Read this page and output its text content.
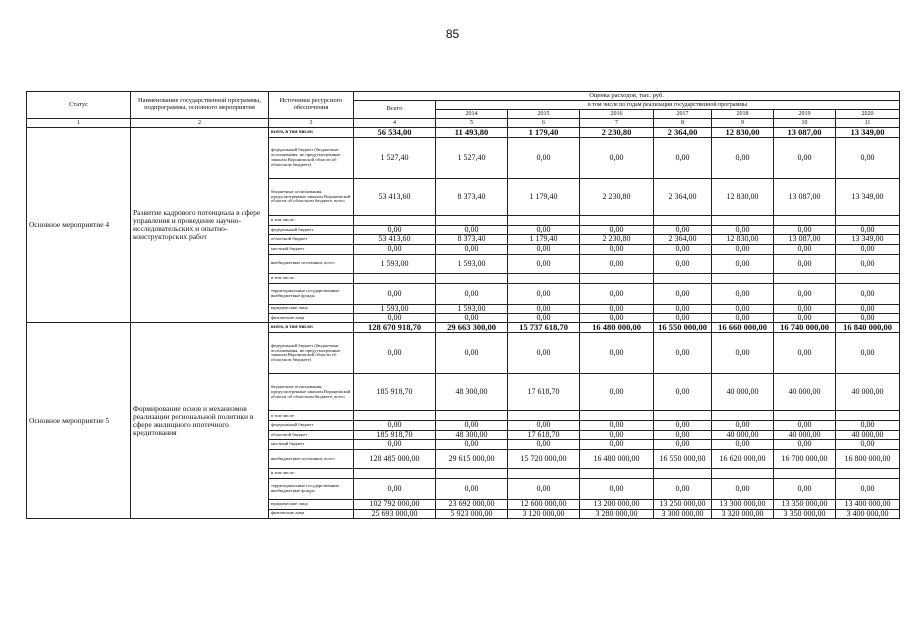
85
Статус	Наименование государственной программы, подпрограммы, основного мероприятия	Источники ресурсного обеспечения	Оценка расходов, тыс. руб.							
			Всего	в том числе по годам реализации государственной программы						
				2014	2015	2016	2017	2018	2019	2020
1	2	3	4	5	6	7	8	9	10	11
Основное мероприятие 4	Развитие кадрового потенциала в сфере управления и проведение научно-исследовательских и опытно-конструкторских работ	всего, в том числе:	56 534,00	11 493,80	1 179,40	2 230,80	2 364,00	12 830,00	13 087,00	13 349,00
		федеральный бюджет (бюджетные ассигнования, не предусмотренные законом Воронежской области об областном бюджете)	1 527,40	1 527,40	0,00	0,00	0,00	0,00	0,00	0,00
		бюджетные ассигнования, предусмотренные законом Воронежской области об областном бюджете, всего	53 413,60	8 373,40	1 179,40	2 230,80	2 364,00	12 830,00	13 087,00	13 349,00
		в том числе:								
		федеральный бюджет	0,00	0,00	0,00	0,00	0,00	0,00	0,00	0,00
		областной бюджет	53 413,60	8 373,40	1 179,40	2 230,80	2 364,00	12 830,00	13 087,00	13 349,00
		местный бюджет	0,00	0,00	0,00	0,00	0,00	0,00	0,00	0,00
		внебюджетные источники, всего	1 593,00	1 593,00	0,00	0,00	0,00	0,00	0,00	0,00
		в том числе:								
		территориальные государственные внебюджетные фонды	0,00	0,00	0,00	0,00	0,00	0,00	0,00	0,00
		юридические лица	1 593,00	1 593,00	0,00	0,00	0,00	0,00	0,00	0,00
		физические лица	0,00	0,00	0,00	0,00	0,00	0,00	0,00	0,00
Основное мероприятие 5	Формирование основ и механизмов реализации региональной политики в сфере жилищного ипотечного кредитования	всего, в том числе:	128 670 918,70	29 663 300,00	15 737 618,70	16 480 000,00	16 550 000,00	16 660 000,00	16 740 000,00	16 840 000,00
		федеральный бюджет (бюджетные ассигнования, не предусмотренные законом Воронежской области об областном бюджете)	0,00	0,00	0,00	0,00	0,00	0,00	0,00	0,00
		бюджетные ассигнования, предусмотренные законом Воронежской области об областном бюджете, всего	185 918,70	48 300,00	17 618,70	0,00	0,00	40 000,00	40 000,00	40 000,00
		в том числе:								
		федеральный бюджет	0,00	0,00	0,00	0,00	0,00	0,00	0,00	0,00
		областной бюджет	185 918,70	48 300,00	17 618,70	0,00	0,00	40 000,00	40 000,00	40 000,00
		местный бюджет	0,00	0,00	0,00	0,00	0,00	0,00	0,00	0,00
		внебюджетные источники, всего	128 485 000,00	29 615 000,00	15 720 000,00	16 480 000,00	16 550 000,00	16 620 000,00	16 700 000,00	16 800 000,00
		в том числе:								
		территориальные государственные внебюджетные фонды	0,00	0,00	0,00	0,00	0,00	0,00	0,00	0,00
		юридические лица	102 792 000,00	23 692 000,00	12 600 000,00	13 200 000,00	13 250 000,00	13 300 000,00	13 350 000,00	13 400 000,00
		физические лица	25 693 000,00	5 923 000,00	3 120 000,00	3 280 000,00	3 300 000,00	3 320 000,00	3 350 000,00	3 400 000,00
